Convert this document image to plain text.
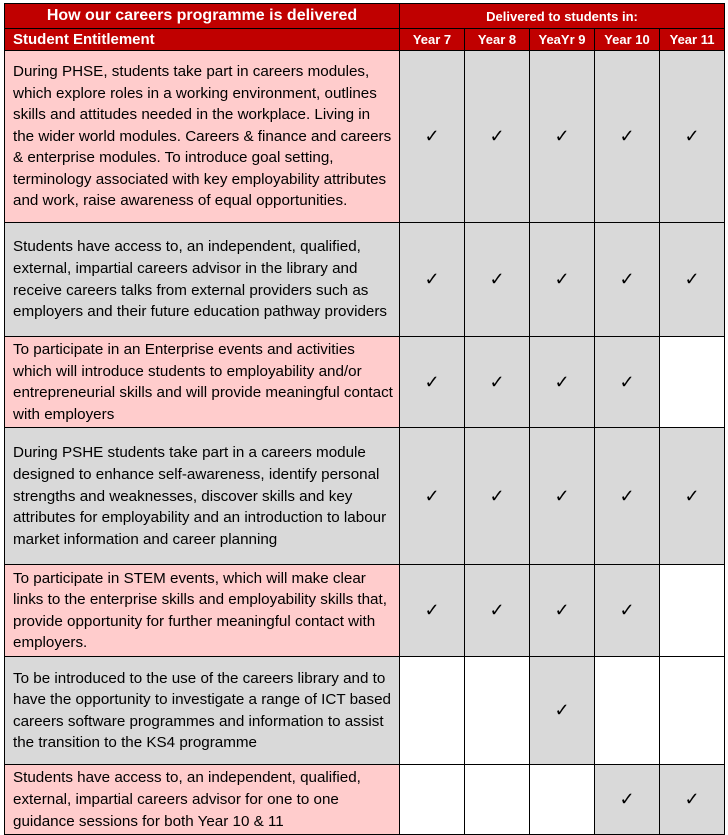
How our careers programme is delivered	Delivered to students in:				
Student Entitlement	Year 7	Year 8	YeaYr 9	Year 10	Year 11
During PHSE, students take part in careers modules, which explore roles in a working environment, outlines skills and attitudes needed in the workplace. Living in the wider world modules. Careers & finance and careers & enterprise modules. To introduce goal setting, terminology associated with key employability attributes and work, raise awareness of equal opportunities.	✓	✓	✓	✓	✓
Students have access to, an independent, qualified, external, impartial careers advisor in the library and receive careers talks from external providers such as employers and their future education pathway providers	✓	✓	✓	✓	✓
To participate in an Enterprise events and activities which will introduce students to employability and/or entrepreneurial skills and will provide meaningful contact with employers	✓	✓	✓	✓	
During PSHE students take part in a careers module designed to enhance self-awareness, identify personal strengths and weaknesses, discover skills and key attributes for employability and an introduction to labour market information and career planning	✓	✓	✓	✓	✓
To participate in STEM events, which will make clear links to the enterprise skills and employability skills that, provide opportunity for further meaningful contact with employers.	✓	✓	✓	✓	
To be introduced to the use of the careers library and to have the opportunity to investigate a range of ICT based careers software programmes and information to assist the transition to the KS4 programme			✓		
Students have access to, an independent, qualified, external, impartial careers advisor for one to one guidance sessions for both Year 10 & 11				✓	✓
